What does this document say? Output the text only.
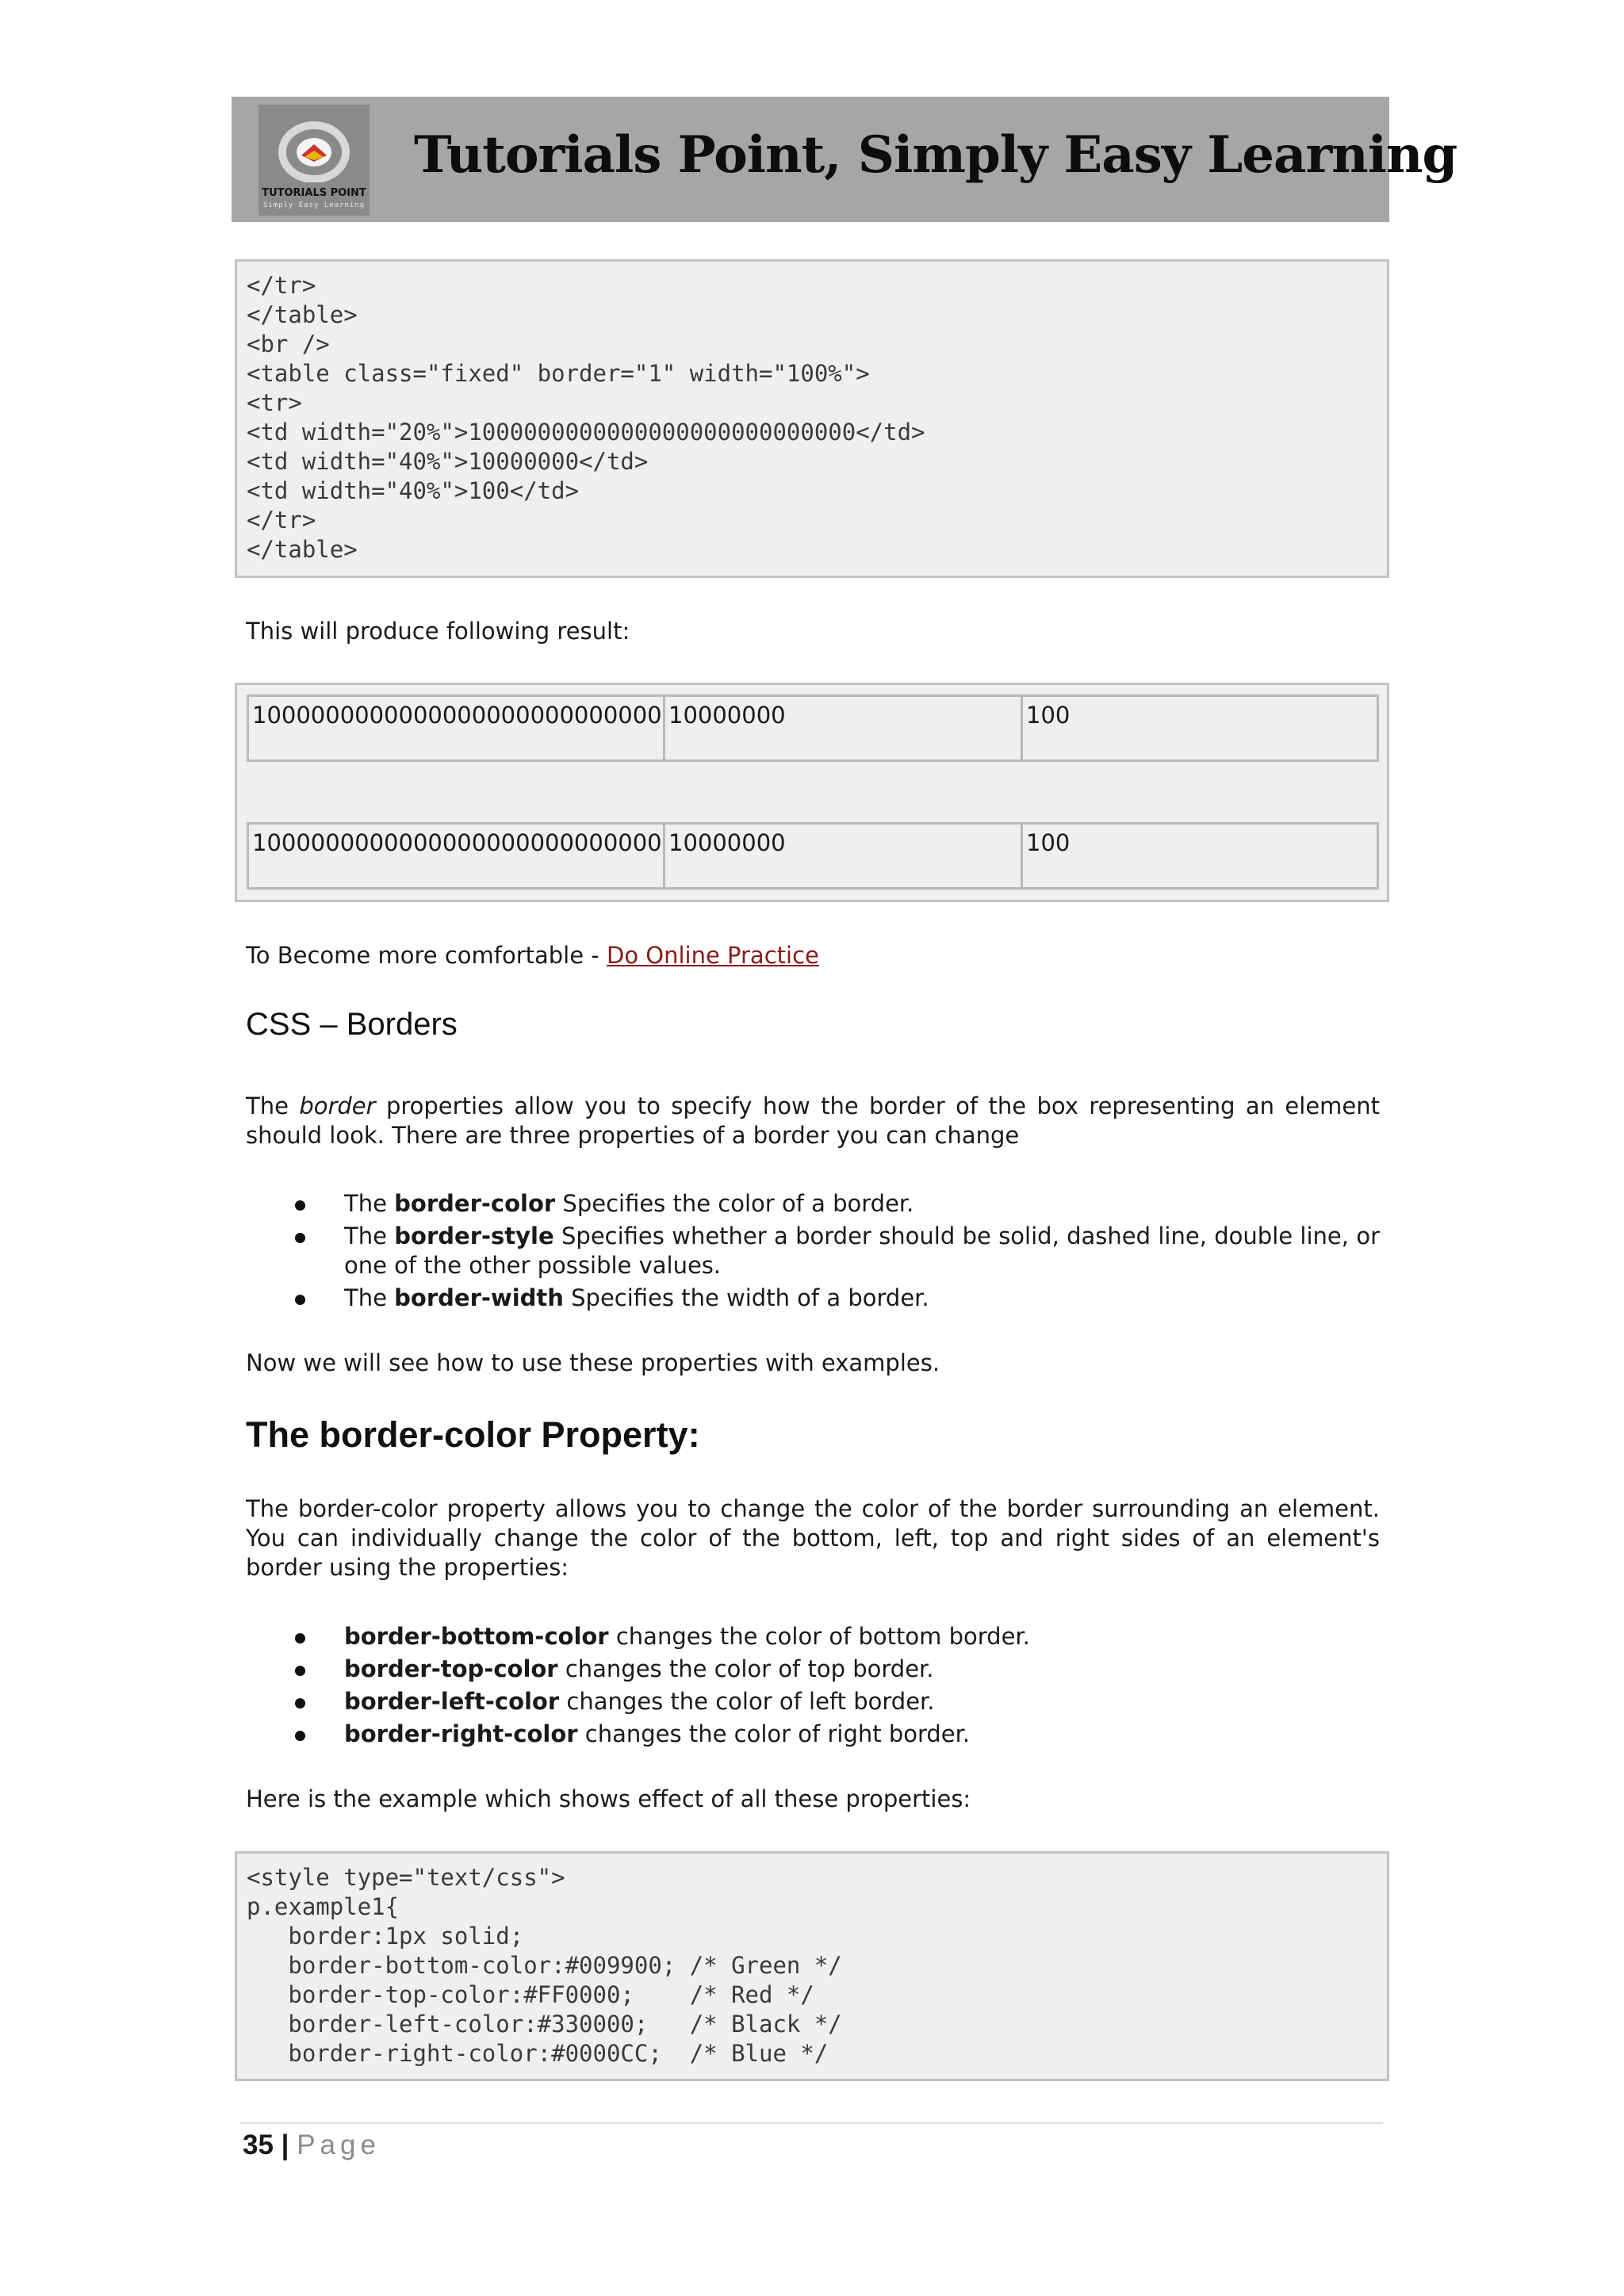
TUTORIALS POINT
Simply Easy Learning
Tutorials Point, Simply Easy Learning
</tr>
</table>
<br />
<table class="fixed" border="1" width="100%">
<tr>
<td width="20%">1000000000000000000000000000</td>
<td width="40%">10000000</td>
<td width="40%">100</td>
</tr>
</table>
This will produce following result:
1000000000000000000000000000 10000000	100
1000000000000000000000000000 10000000	100
To Become more comfortable - Do Online Practice
CSS – Borders
The border properties allow you to specify how the border of the box representing an element should look. There are three properties of a border you can change
The border-color Specifies the color of a border.
The border-style Specifies whether a border should be solid, dashed line, double line, or one of the other possible values.
The border-width Specifies the width of a border.
Now we will see how to use these properties with examples.
The border-color Property:
The border-color property allows you to change the color of the border surrounding an element. You can individually change the color of the bottom, left, top and right sides of an element's border using the properties:
border-bottom-color changes the color of bottom border.
border-top-color changes the color of top border.
border-left-color changes the color of left border.
border-right-color changes the color of right border.
Here is the example which shows effect of all these properties:
<style type="text/css">
p.example1{
border:1px solid;
border-bottom-color:#009900; /* Green */
border-top-color:#FF0000;    /* Red */
border-left-color:#330000;   /* Black */
border-right-color:#0000CC;  /* Blue */
35 | Page
